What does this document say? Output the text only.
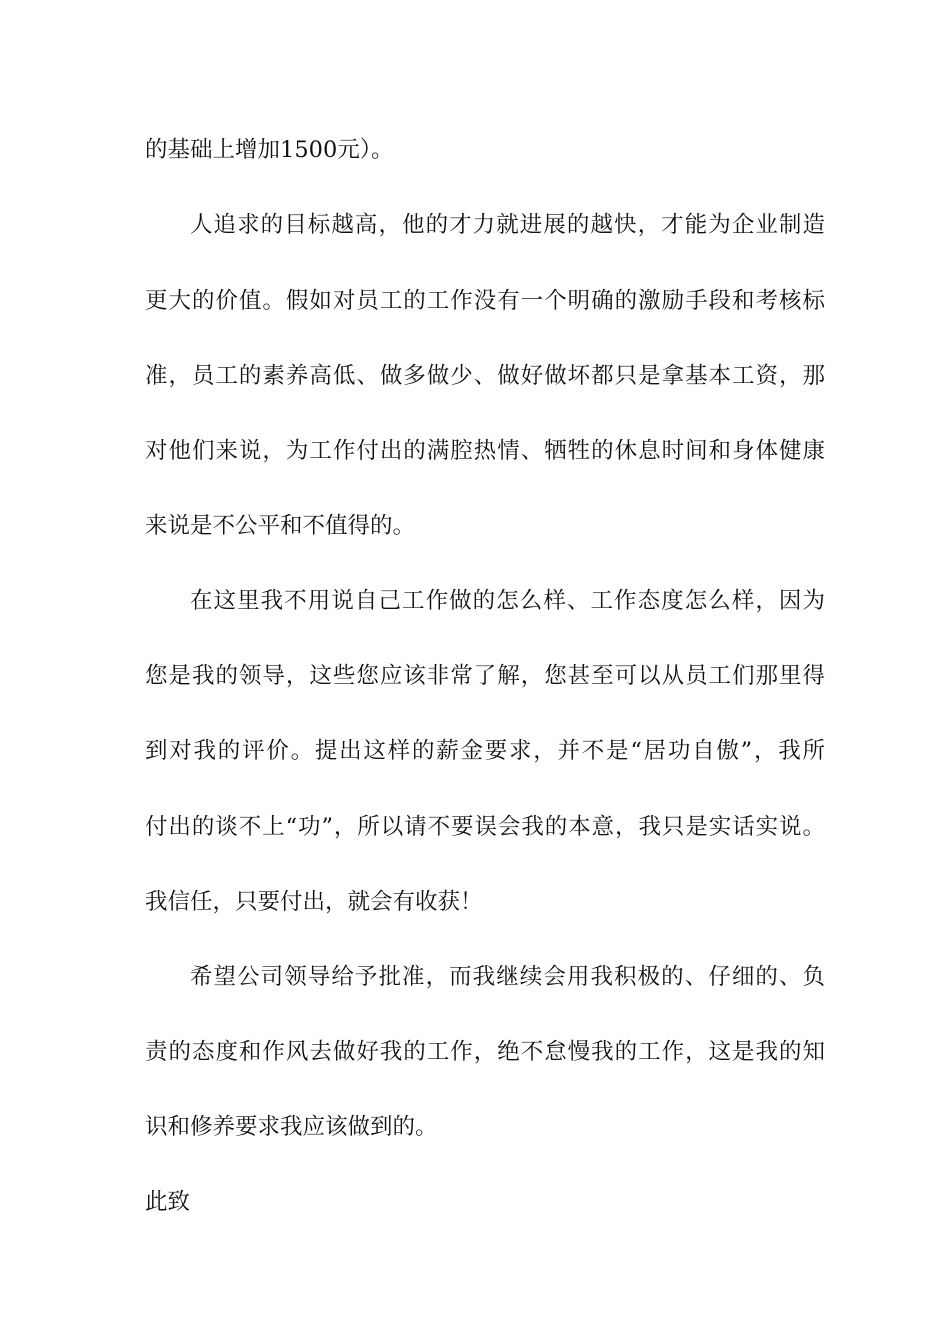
的基础上增加1500元）。
人追求的目标越高，他的才力就进展的越快，才能为企业制造
更大的价值。假如对员工的工作没有一个明确的激励手段和考核标
准，员工的素养高低、做多做少、做好做坏都只是拿基本工资，那
对他们来说，为工作付出的满腔热情、牺牲的休息时间和身体健康
来说是不公平和不值得的。
在这里我不用说自己工作做的怎么样、工作态度怎么样，因为
您是我的领导，这些您应该非常了解，您甚至可以从员工们那里得
到对我的评价。提出这样的薪金要求，并不是“居功自傲”，我所
付出的谈不上“功”，所以请不要误会我的本意，我只是实话实说。
我信任，只要付出，就会有收获！
希望公司领导给予批准，而我继续会用我积极的、仔细的、负
责的态度和作风去做好我的工作，绝不怠慢我的工作，这是我的知
识和修养要求我应该做到的。
此致
